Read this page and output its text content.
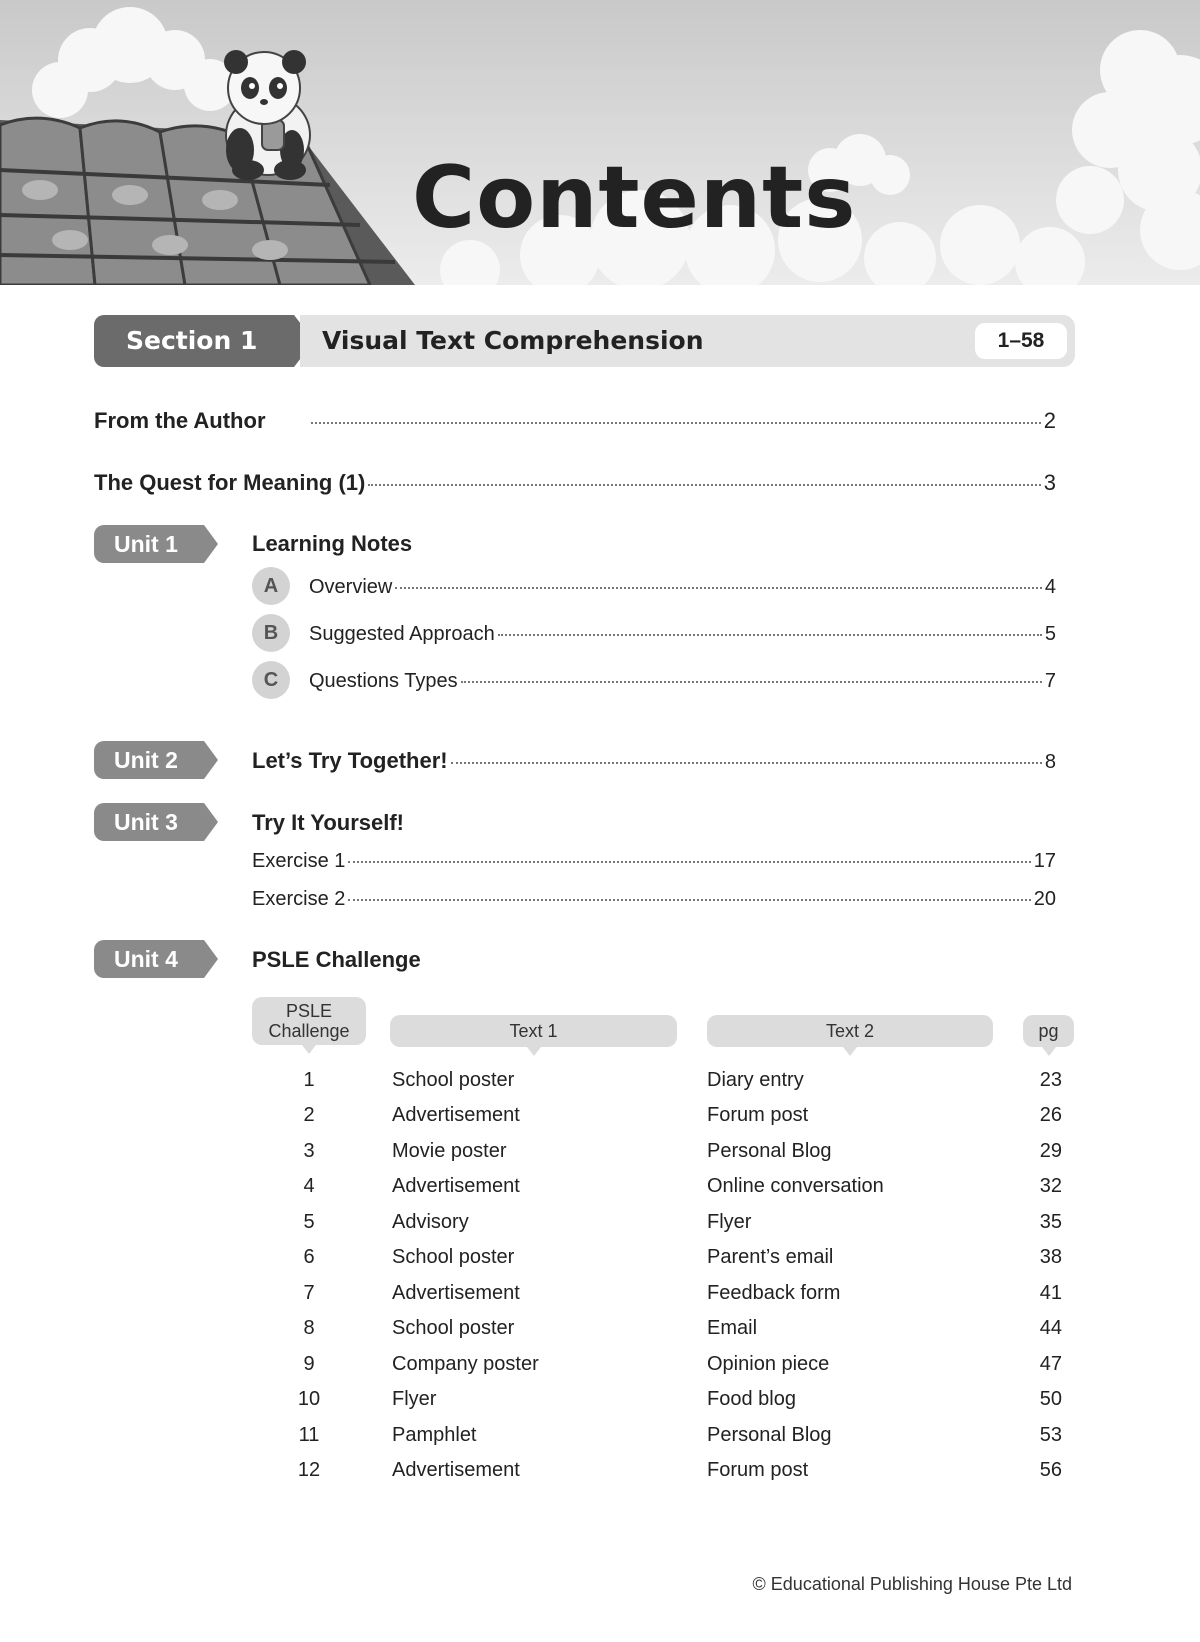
Contents
Section 1	Visual Text Comprehension	1–58
From the Author	2
The Quest for Meaning (1)	3
Unit 1	Learning Notes
A	Overview	4
B	Suggested Approach	5
C	Questions Types	7
Unit 2	Let’s Try Together!	8
Unit 3	Try It Yourself!
Exercise 1	17
Exercise 2	20
Unit 4	PSLE Challenge
PSLE
Challenge	Text 1	Text 2	pg
1	School poster	Diary entry	23
2	Advertisement	Forum post	26
3	Movie poster	Personal Blog	29
4	Advertisement	Online conversation	32
5	Advisory	Flyer	35
6	School poster	Parent’s email	38
7	Advertisement	Feedback form	41
8	School poster	Email	44
9	Company poster	Opinion piece	47
10	Flyer	Food blog	50
11	Pamphlet	Personal Blog	53
12	Advertisement	Forum post	56
© Educational Publishing House Pte Ltd
